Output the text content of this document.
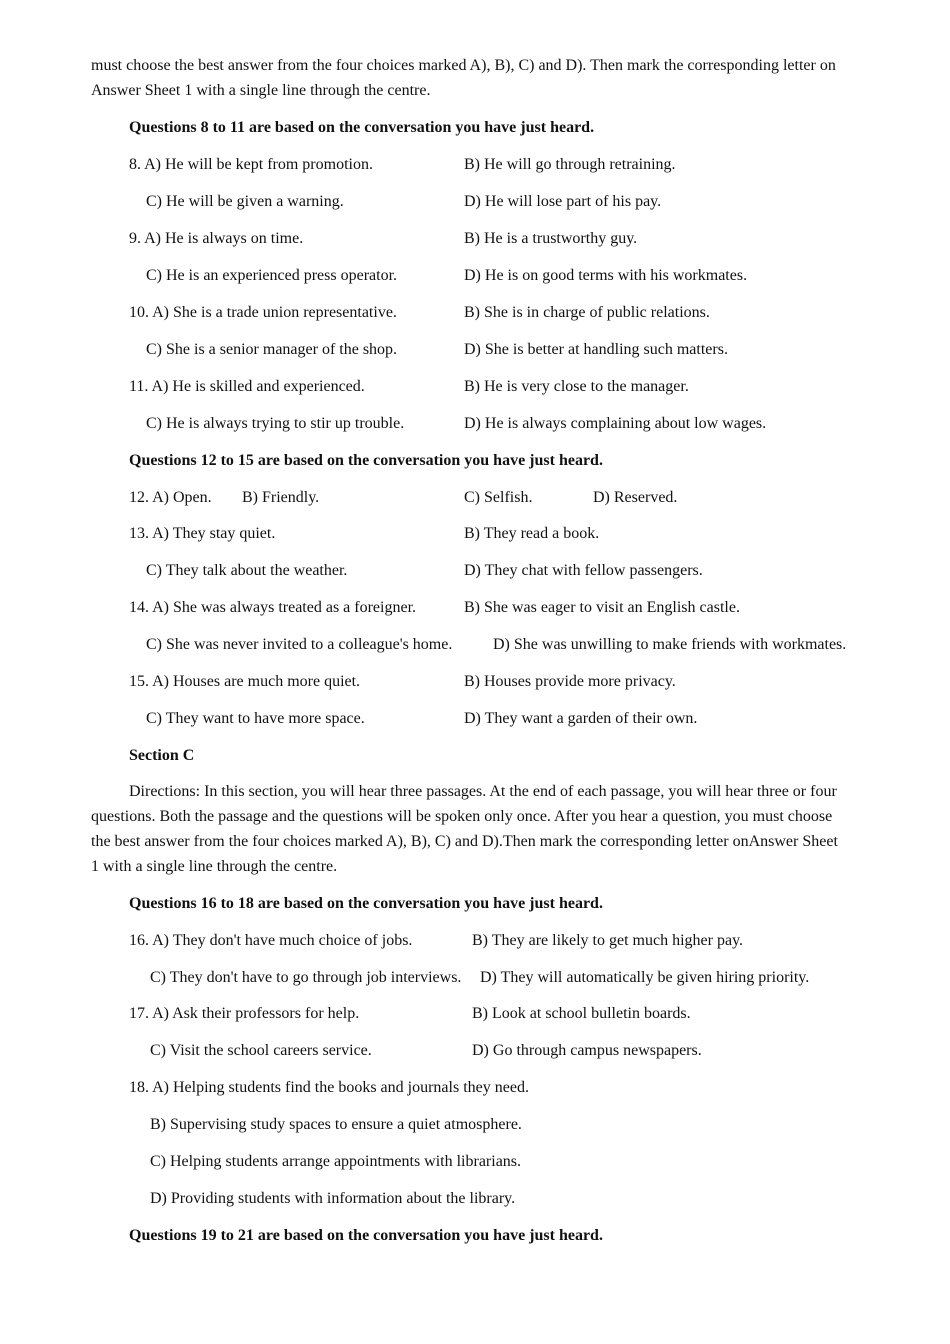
must choose the best answer from the four choices marked A), B), C) and D). Then mark the corresponding letter on
Answer Sheet 1 with a single line through the centre.
Questions 8 to 11 are based on the conversation you have just heard.
8. A) He will be kept from promotion.	B) He will go through retraining.
C) He will be given a warning.	D) He will lose part of his pay.
9. A) He is always on time.	B) He is a trustworthy guy.
C) He is an experienced press operator.	D) He is on good terms with his workmates.
10. A) She is a trade union representative.	B) She is in charge of public relations.
C) She is a senior manager of the shop.	D) She is better at handling such matters.
11. A) He is skilled and experienced.	B) He is very close to the manager.
C) He is always trying to stir up trouble.	D) He is always complaining about low wages.
Questions 12 to 15 are based on the conversation you have just heard.
12. A) Open. B) Friendly.	C) Selfish.	D) Reserved.
13. A) They stay quiet.	B) They read a book.
C) They talk about the weather.	D) They chat with fellow passengers.
14. A) She was always treated as a foreigner.	B) She was eager to visit an English castle.
C) She was never invited to a colleague's home.	D) She was unwilling to make friends with workmates.
15. A) Houses are much more quiet.	B) Houses provide more privacy.
C) They want to have more space.	D) They want a garden of their own.
Section C
Directions: In this section, you will hear three passages. At the end of each passage, you will hear three or four
questions. Both the passage and the questions will be spoken only once. After you hear a question, you must choose
the best answer from the four choices marked A), B), C) and D).Then mark the corresponding letter onAnswer Sheet
1 with a single line through the centre.
Questions 16 to 18 are based on the conversation you have just heard.
16. A) They don't have much choice of jobs.	B) They are likely to get much higher pay.
C) They don't have to go through job interviews. D) They will automatically be given hiring priority.
17. A) Ask their professors for help.	B) Look at school bulletin boards.
C) Visit the school careers service.	D) Go through campus newspapers.
18. A) Helping students find the books and journals they need.
B) Supervising study spaces to ensure a quiet atmosphere.
C) Helping students arrange appointments with librarians.
D) Providing students with information about the library.
Questions 19 to 21 are based on the conversation you have just heard.
